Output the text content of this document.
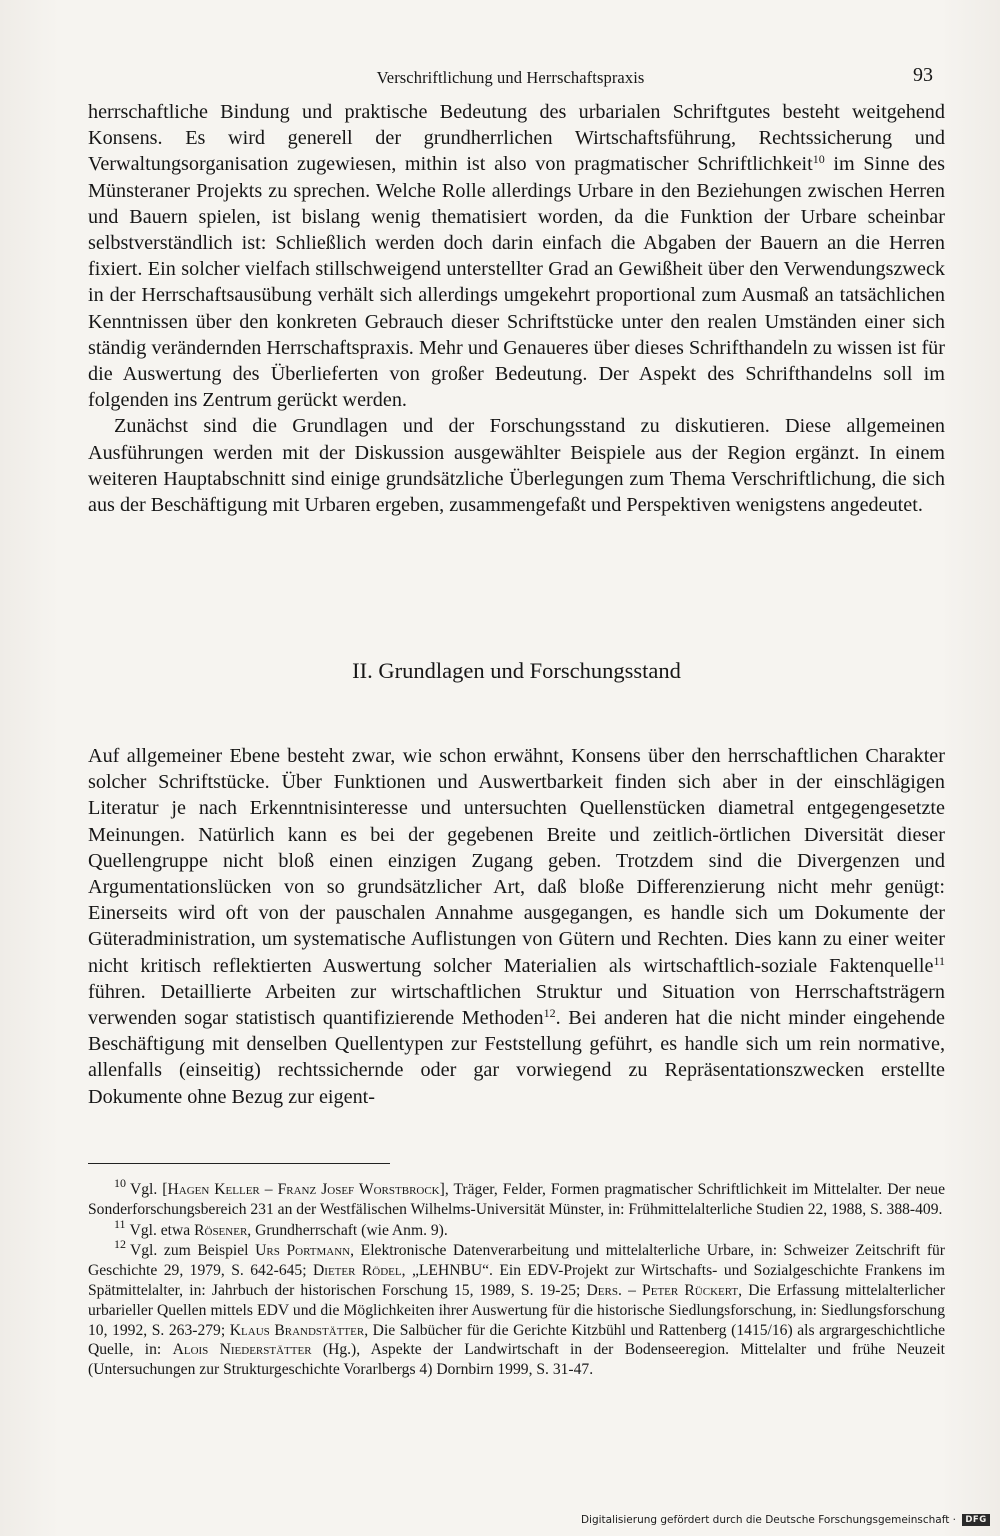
Verschriftlichung und Herrschaftspraxis	93

herrschaftliche Bindung und praktische Bedeutung des urbarialen Schriftgutes besteht weitgehend Konsens. Es wird generell der grundherrlichen Wirtschaftsführung, Rechtssicherung und Verwaltungsorganisation zugewiesen, mithin ist also von pragmatischer Schriftlichkeit$^{10}$ im Sinne des Münsteraner Projekts zu sprechen. Welche Rolle allerdings Urbare in den Beziehungen zwischen Herren und Bauern spielen, ist bislang wenig thematisiert worden, da die Funktion der Urbare scheinbar selbstverständlich ist: Schließlich werden doch darin einfach die Abgaben der Bauern an die Herren fixiert. Ein solcher vielfach stillschweigend unterstellter Grad an Gewißheit über den Verwendungszweck in der Herrschaftsausübung verhält sich allerdings umgekehrt proportional zum Ausmaß an tatsächlichen Kenntnissen über den konkreten Gebrauch dieser Schriftstücke unter den realen Umständen einer sich ständig verändernden Herrschaftspraxis. Mehr und Genaueres über dieses Schrifthandeln zu wissen ist für die Auswertung des Überlieferten von großer Bedeutung. Der Aspekt des Schrifthandelns soll im folgenden ins Zentrum gerückt werden.

Zunächst sind die Grundlagen und der Forschungsstand zu diskutieren. Diese allgemeinen Ausführungen werden mit der Diskussion ausgewählter Beispiele aus der Region ergänzt. In einem weiteren Hauptabschnitt sind einige grundsätzliche Überlegungen zum Thema Verschriftlichung, die sich aus der Beschäftigung mit Urbaren ergeben, zusammengefaßt und Perspektiven wenigstens angedeutet.

II. Grundlagen und Forschungsstand

Auf allgemeiner Ebene besteht zwar, wie schon erwähnt, Konsens über den herrschaftlichen Charakter solcher Schriftstücke. Über Funktionen und Auswertbarkeit finden sich aber in der einschlägigen Literatur je nach Erkenntnisinteresse und untersuchten Quellenstücken diametral entgegengesetzte Meinungen. Natürlich kann es bei der gegebenen Breite und zeitlich-örtlichen Diversität dieser Quellengruppe nicht bloß einen einzigen Zugang geben. Trotzdem sind die Divergenzen und Argumentationslücken von so grundsätzlicher Art, daß bloße Differenzierung nicht mehr genügt: Einerseits wird oft von der pauschalen Annahme ausgegangen, es handle sich um Dokumente der Güteradministration, um systematische Auflistungen von Gütern und Rechten. Dies kann zu einer weiter nicht kritisch reflektierten Auswertung solcher Materialien als wirtschaftlich-soziale Faktenquelle$^{11}$ führen. Detaillierte Arbeiten zur wirtschaftlichen Struktur und Situation von Herrschaftsträgern verwenden sogar statistisch quantifizierende Methoden$^{12}$. Bei anderen hat die nicht minder eingehende Beschäftigung mit denselben Quellentypen zur Feststellung geführt, es handle sich um rein normative, allenfalls (einseitig) rechtssichernde oder gar vorwiegend zu Repräsentationszwecken erstellte Dokumente ohne Bezug zur eigent-

$^{10}$ Vgl. [Hagen Keller – Franz Josef Worstbrock], Träger, Felder, Formen pragmatischer Schriftlichkeit im Mittelalter. Der neue Sonderforschungsbereich 231 an der Westfälischen Wilhelms-Universität Münster, in: Frühmittelalterliche Studien 22, 1988, S. 388-409.

$^{11}$ Vgl. etwa Rösener, Grundherrschaft (wie Anm. 9).

$^{12}$ Vgl. zum Beispiel Urs Portmann, Elektronische Datenverarbeitung und mittelalterliche Urbare, in: Schweizer Zeitschrift für Geschichte 29, 1979, S. 642-645; Dieter Rödel, „LEHNBU“. Ein EDV-Projekt zur Wirtschafts- und Sozialgeschichte Frankens im Spätmittelalter, in: Jahrbuch der historischen Forschung 15, 1989, S. 19-25; Ders. – Peter Rückert, Die Erfassung mittelalterlicher urbarieller Quellen mittels EDV und die Möglichkeiten ihrer Auswertung für die historische Siedlungsforschung, in: Siedlungsforschung 10, 1992, S. 263-279; Klaus Brandstätter, Die Salbücher für die Gerichte Kitzbühl und Rattenberg (1415/16) als argrargeschichtliche Quelle, in: Alois Niederstätter (Hg.), Aspekte der Landwirtschaft in der Bodenseeregion. Mittelalter und frühe Neuzeit (Untersuchungen zur Strukturgeschichte Vorarlbergs 4) Dornbirn 1999, S. 31-47.

Digitalisierung gefördert durch die Deutsche Forschungsgemeinschaft ·	DFG
